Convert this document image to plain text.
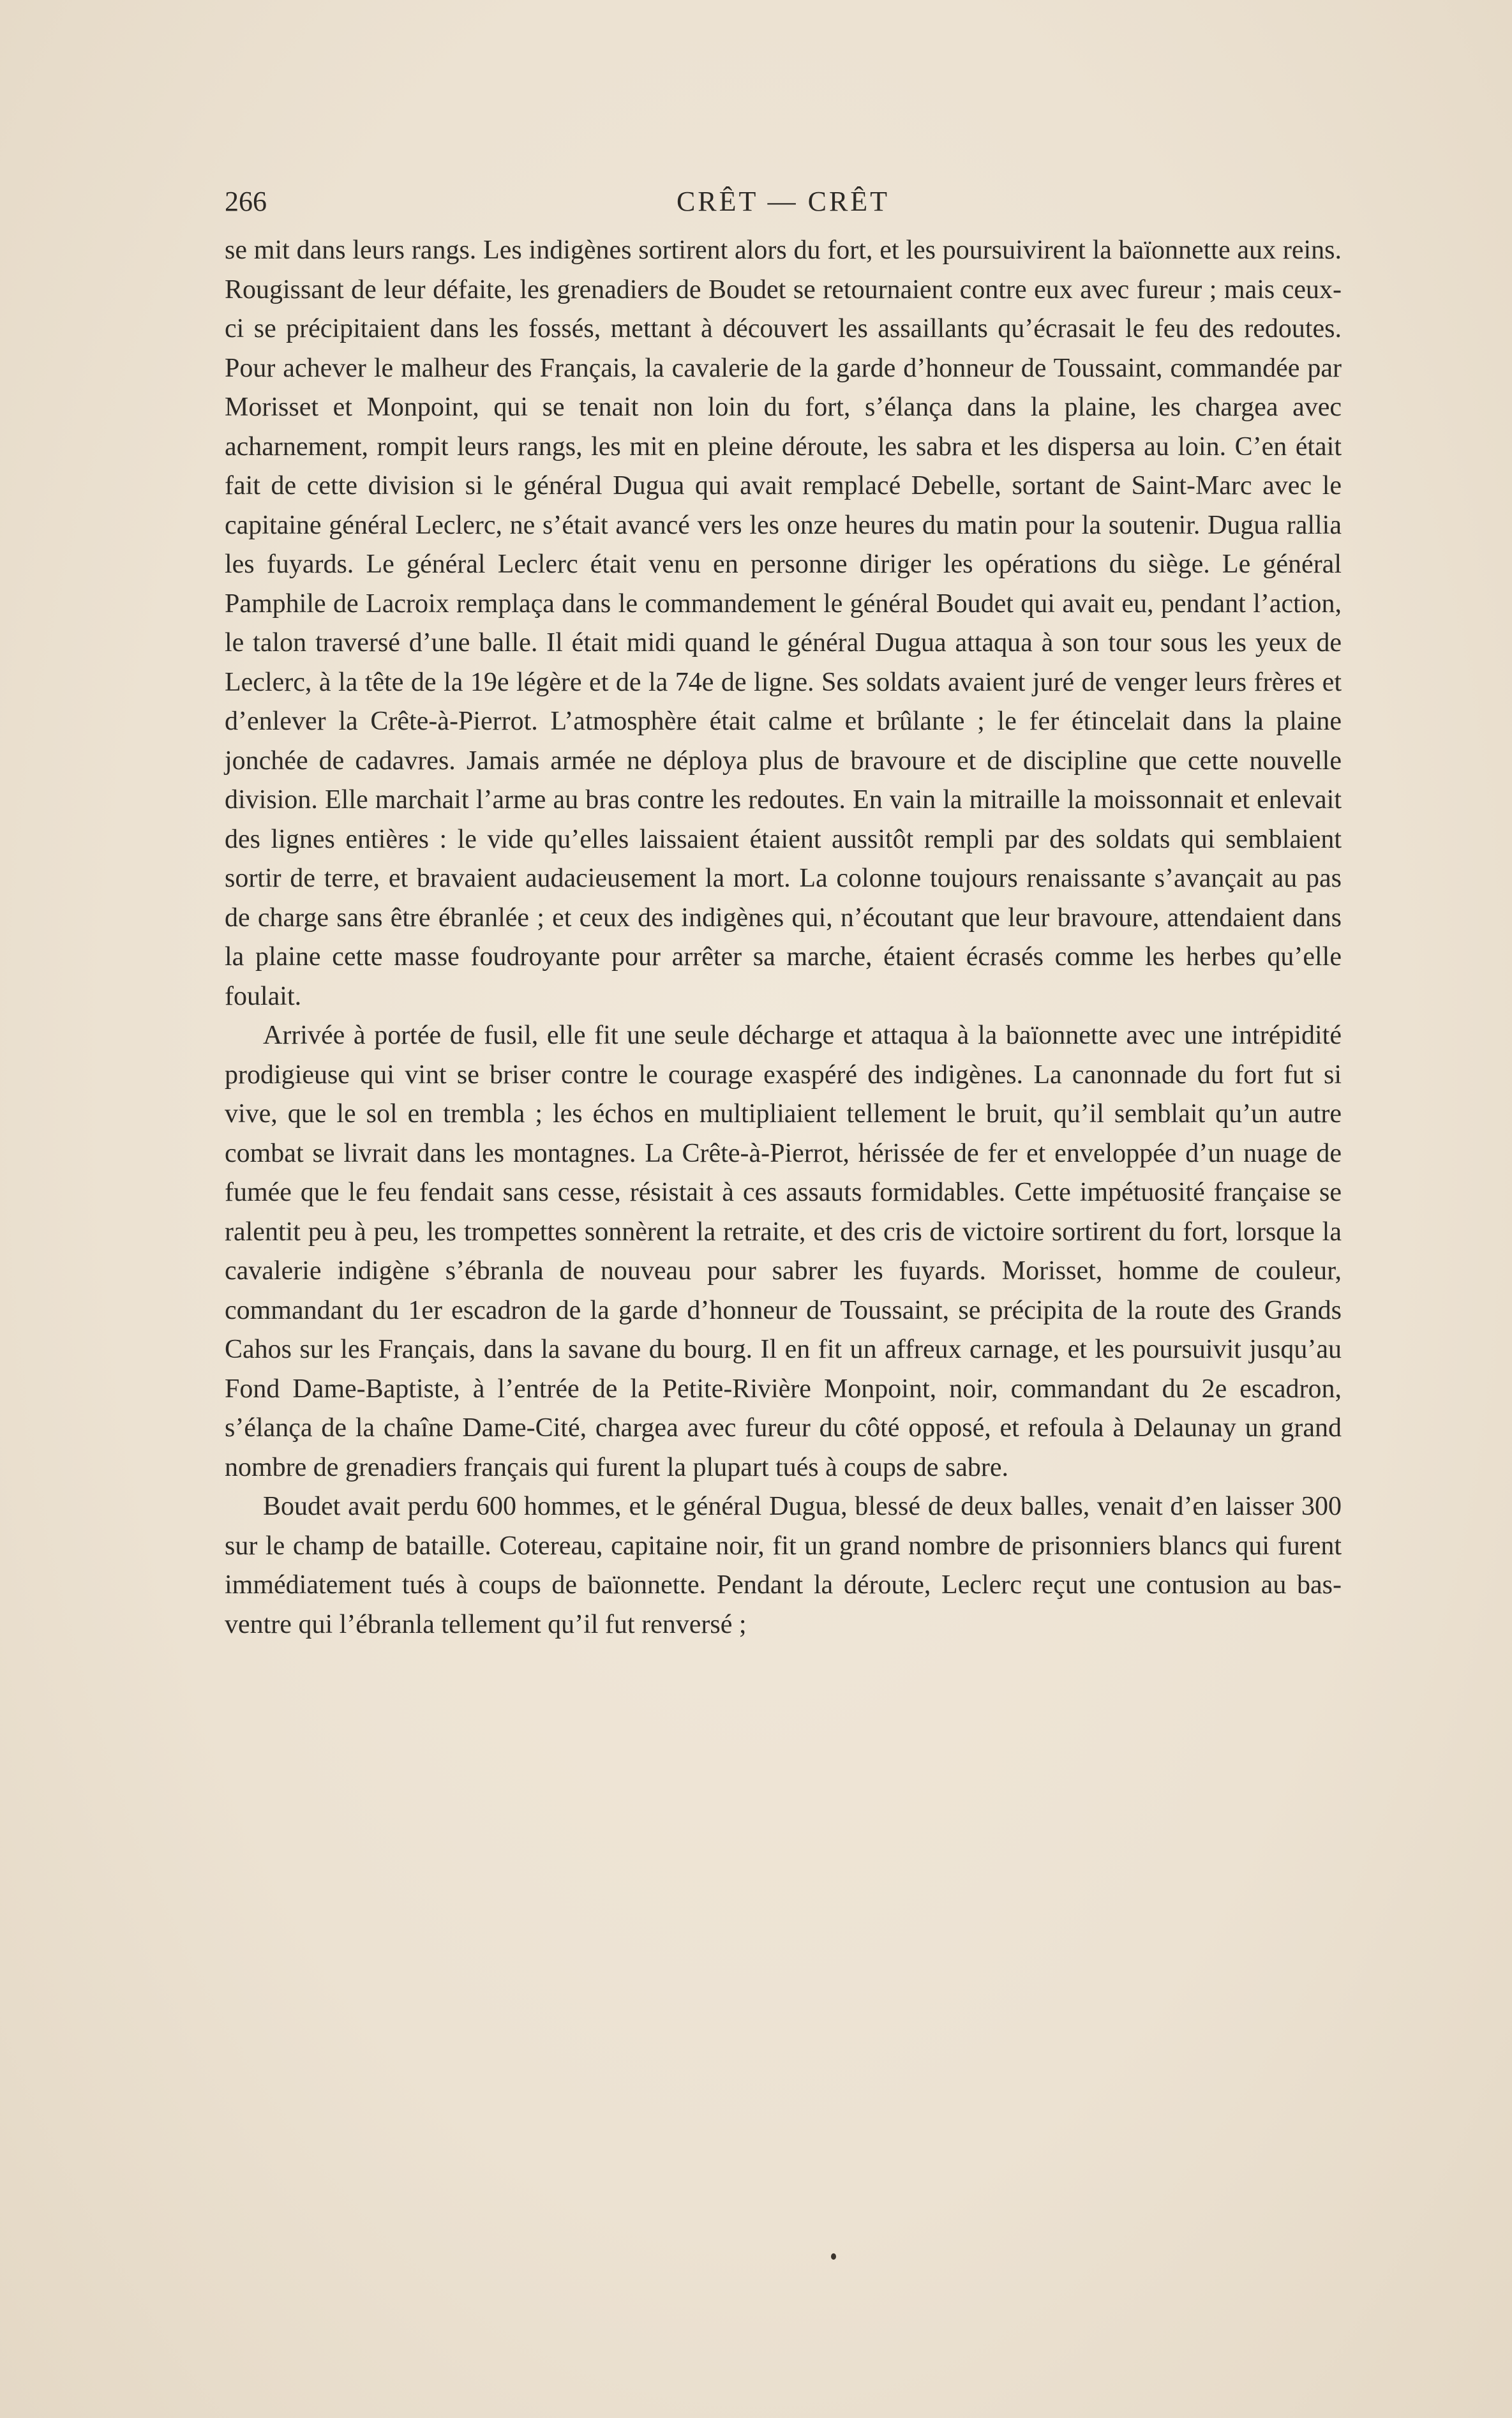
266	CRÊT — CRÊT

se mit dans leurs rangs. Les indigènes sortirent alors du fort, et les poursuivirent la baïonnette aux reins. Rougissant de leur défaite, les grenadiers de Boudet se retournaient contre eux avec fureur ; mais ceux-ci se précipitaient dans les fossés, mettant à découvert les assaillants qu’écrasait le feu des redoutes. Pour achever le malheur des Français, la cavalerie de la garde d’honneur de Toussaint, commandée par Morisset et Monpoint, qui se tenait non loin du fort, s’élança dans la plaine, les chargea avec acharnement, rompit leurs rangs, les mit en pleine déroute, les sabra et les dispersa au loin. C’en était fait de cette division si le général Dugua qui avait remplacé Debelle, sortant de Saint-Marc avec le capitaine général Leclerc, ne s’était avancé vers les onze heures du matin pour la soutenir. Dugua rallia les fuyards. Le général Leclerc était venu en personne diriger les opérations du siège. Le général Pamphile de Lacroix remplaça dans le commandement le général Boudet qui avait eu, pendant l’action, le talon traversé d’une balle. Il était midi quand le général Dugua attaqua à son tour sous les yeux de Leclerc, à la tête de la 19e légère et de la 74e de ligne. Ses soldats avaient juré de venger leurs frères et d’enlever la Crête-à-Pierrot. L’atmosphère était calme et brûlante ; le fer étincelait dans la plaine jonchée de cadavres. Jamais armée ne déploya plus de bravoure et de discipline que cette nouvelle division. Elle marchait l’arme au bras contre les redoutes. En vain la mitraille la moissonnait et enlevait des lignes entières : le vide qu’elles laissaient étaient aussitôt rempli par des soldats qui semblaient sortir de terre, et bravaient audacieusement la mort. La colonne toujours renaissante s’avançait au pas de charge sans être ébranlée ; et ceux des indigènes qui, n’écoutant que leur bravoure, attendaient dans la plaine cette masse foudroyante pour arrêter sa marche, étaient écrasés comme les herbes qu’elle foulait.

Arrivée à portée de fusil, elle fit une seule décharge et attaqua à la baïonnette avec une intrépidité prodigieuse qui vint se briser contre le courage exaspéré des indigènes. La canonnade du fort fut si vive, que le sol en trembla ; les échos en multipliaient tellement le bruit, qu’il semblait qu’un autre combat se livrait dans les montagnes. La Crête-à-Pierrot, hérissée de fer et enveloppée d’un nuage de fumée que le feu fendait sans cesse, résistait à ces assauts formidables. Cette impétuosité française se ralentit peu à peu, les trompettes sonnèrent la retraite, et des cris de victoire sortirent du fort, lorsque la cavalerie indigène s’ébranla de nouveau pour sabrer les fuyards. Morisset, homme de couleur, commandant du 1er escadron de la garde d’honneur de Toussaint, se précipita de la route des Grands Cahos sur les Français, dans la savane du bourg. Il en fit un affreux carnage, et les poursuivit jusqu’au Fond Dame-Baptiste, à l’entrée de la Petite-Rivière Monpoint, noir, commandant du 2e escadron, s’élança de la chaîne Dame-Cité, chargea avec fureur du côté opposé, et refoula à Delaunay un grand nombre de grenadiers français qui furent la plupart tués à coups de sabre.

Boudet avait perdu 600 hommes, et le général Dugua, blessé de deux balles, venait d’en laisser 300 sur le champ de bataille. Cotereau, capitaine noir, fit un grand nombre de prisonniers blancs qui furent immédiatement tués à coups de baïonnette. Pendant la déroute, Leclerc reçut une contusion au bas-ventre qui l’ébranla tellement qu’il fut renversé ;
